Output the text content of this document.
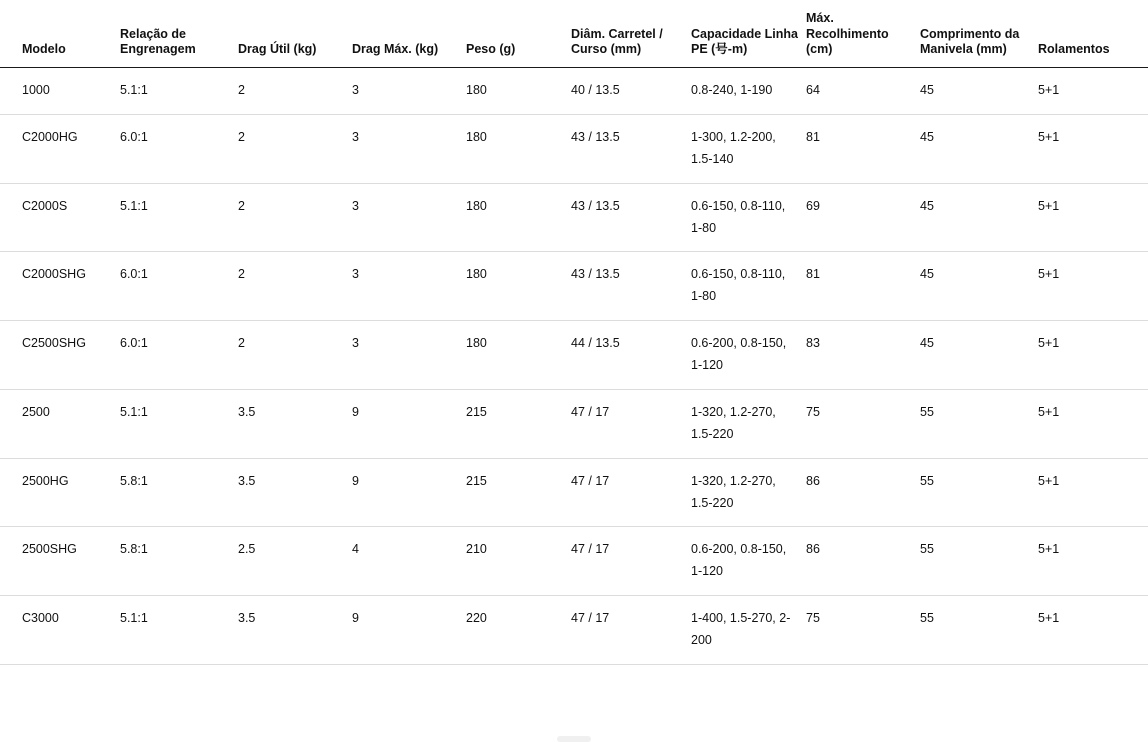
Modelo	Relação de Engrenagem	Drag Útil (kg)	Drag Máx. (kg)	Peso (g)	Diâm. Carretel / Curso (mm)	Capacidade Linha PE (号-m)	Máx. Recolhimento (cm)	Comprimento da Manivela (mm)	Rolamentos
1000	5.1:1	2	3	180	40 / 13.5	0.8-240, 1-190	64	45	5+1
C2000HG	6.0:1	2	3	180	43 / 13.5	1-300, 1.2-200, 1.5-140	81	45	5+1
C2000S	5.1:1	2	3	180	43 / 13.5	0.6-150, 0.8-110, 1-80	69	45	5+1
C2000SHG	6.0:1	2	3	180	43 / 13.5	0.6-150, 0.8-110, 1-80	81	45	5+1
C2500SHG	6.0:1	2	3	180	44 / 13.5	0.6-200, 0.8-150, 1-120	83	45	5+1
2500	5.1:1	3.5	9	215	47 / 17	1-320, 1.2-270, 1.5-220	75	55	5+1
2500HG	5.8:1	3.5	9	215	47 / 17	1-320, 1.2-270, 1.5-220	86	55	5+1
2500SHG	5.8:1	2.5	4	210	47 / 17	0.6-200, 0.8-150, 1-120	86	55	5+1
C3000	5.1:1	3.5	9	220	47 / 17	1-400, 1.5-270, 2-200	75	55	5+1
